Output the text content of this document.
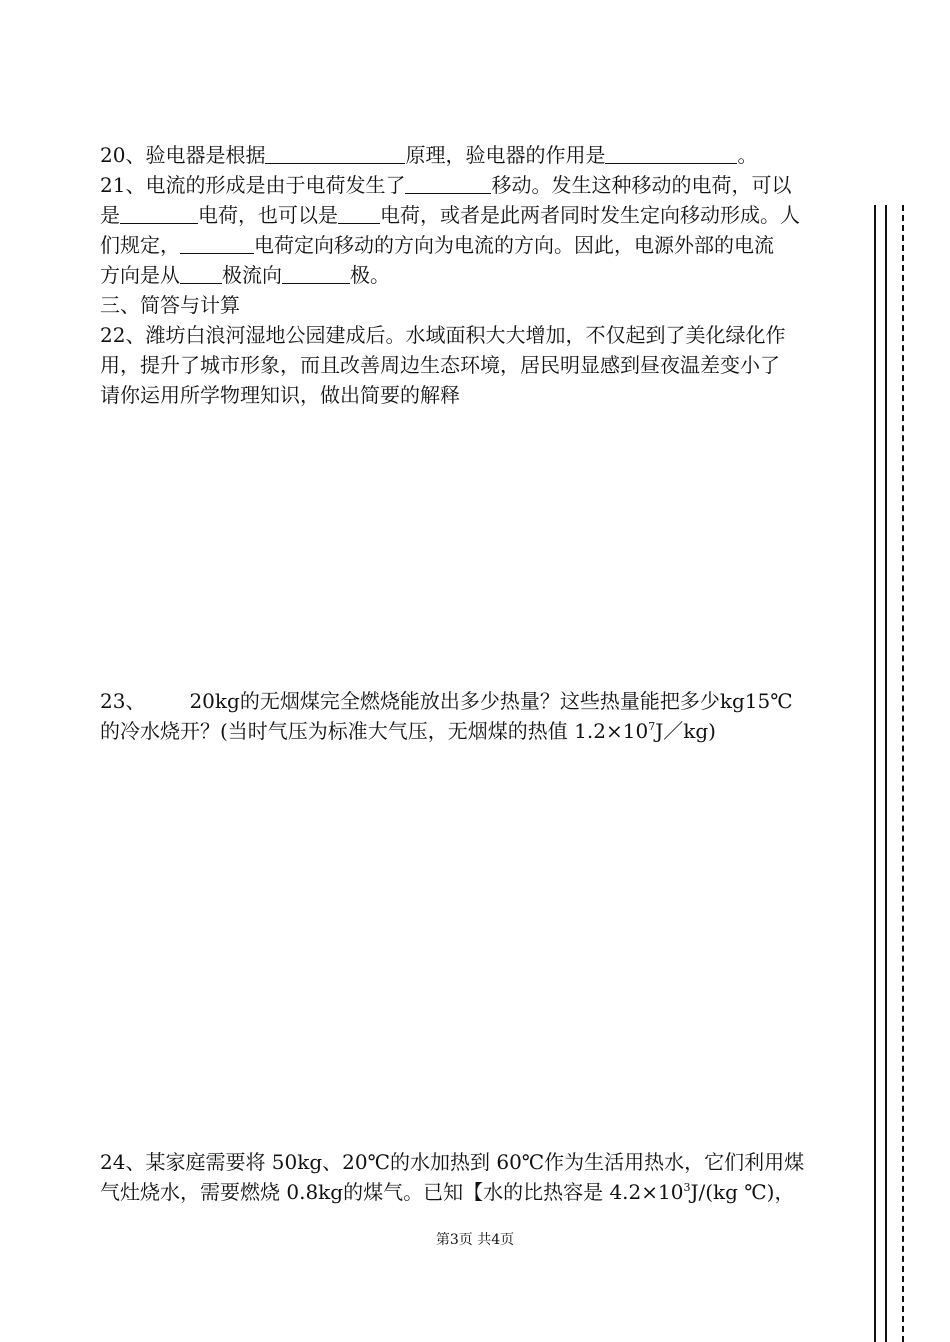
20、验电器是根据	原理，验电器的作用是	。
21、电流的形成是由于电荷发生了	移动。发生这种移动的电荷，可以
是	电荷，也可以是 电荷，或者是此两者同时发生定向移动形成。人
们规定，	电荷定向移动的方向为电流的方向。因此，电源外部的电流
方向是从 极流向	极。
三、简答与计算
22、潍坊白浪河湿地公园建成后。水域面积大大增加，不仅起到了美化绿化作
用，提升了城市形象，而且改善周边生态环境，居民明显感到昼夜温差变小了
请你运用所学物理知识，做出简要的解释
23、 20kg的无烟煤完全燃烧能放出多少热量？这些热量能把多少kg15℃
的冷水烧开？(当时气压为标准大气压，无烟煤的热值 $1.2\times 10^7J/kg$)
24、某家庭需要将 50kg、20℃的水加热到 60℃作为生活用热水，它们利用煤
气灶烧水，需要燃烧 0.8kg的煤气。已知【水的比热容是 $4.2\times 10^3J/(kg$ ℃)，
第3页 共4页
